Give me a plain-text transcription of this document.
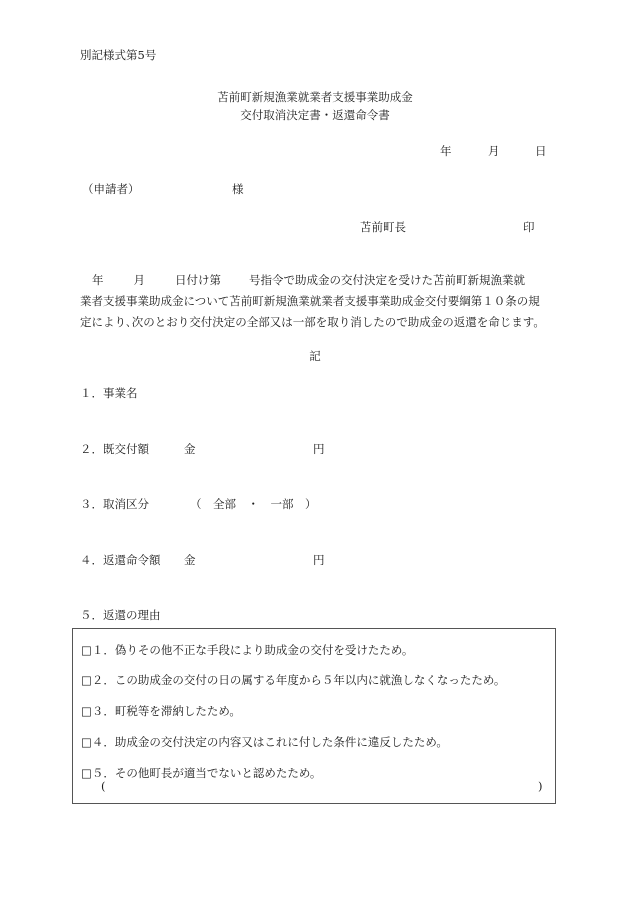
別記様式第5号
苫前町新規漁業就業者支援事業助成金
交付取消決定書・返還命令書
年	月	日
（申請者）	様
苫前町長	印
年	月	日付け第 号指令で助成金の交付決定を受けた苫前町新規漁業就
業者支援事業助成金について苫前町新規漁業就業者支援事業助成金交付要綱第１０条の規
定により､次のとおり交付決定の全部又は一部を取り消したので助成金の返還を命じます。
記
１．事業名
２．既交付額	金	円
３．取消区分	（　全部　・　一部　）
４．返還命令額 金	円
５．返還の理由
□１．偽りその他不正な手段により助成金の交付を受けたため。
□２．この助成金の交付の日の属する年度から５年以内に就漁しなくなったため。
□３．町税等を滞納したため。
□４．助成金の交付決定の内容又はこれに付した条件に違反したため。
□５．その他町長が適当でないと認めたため。
(	)
